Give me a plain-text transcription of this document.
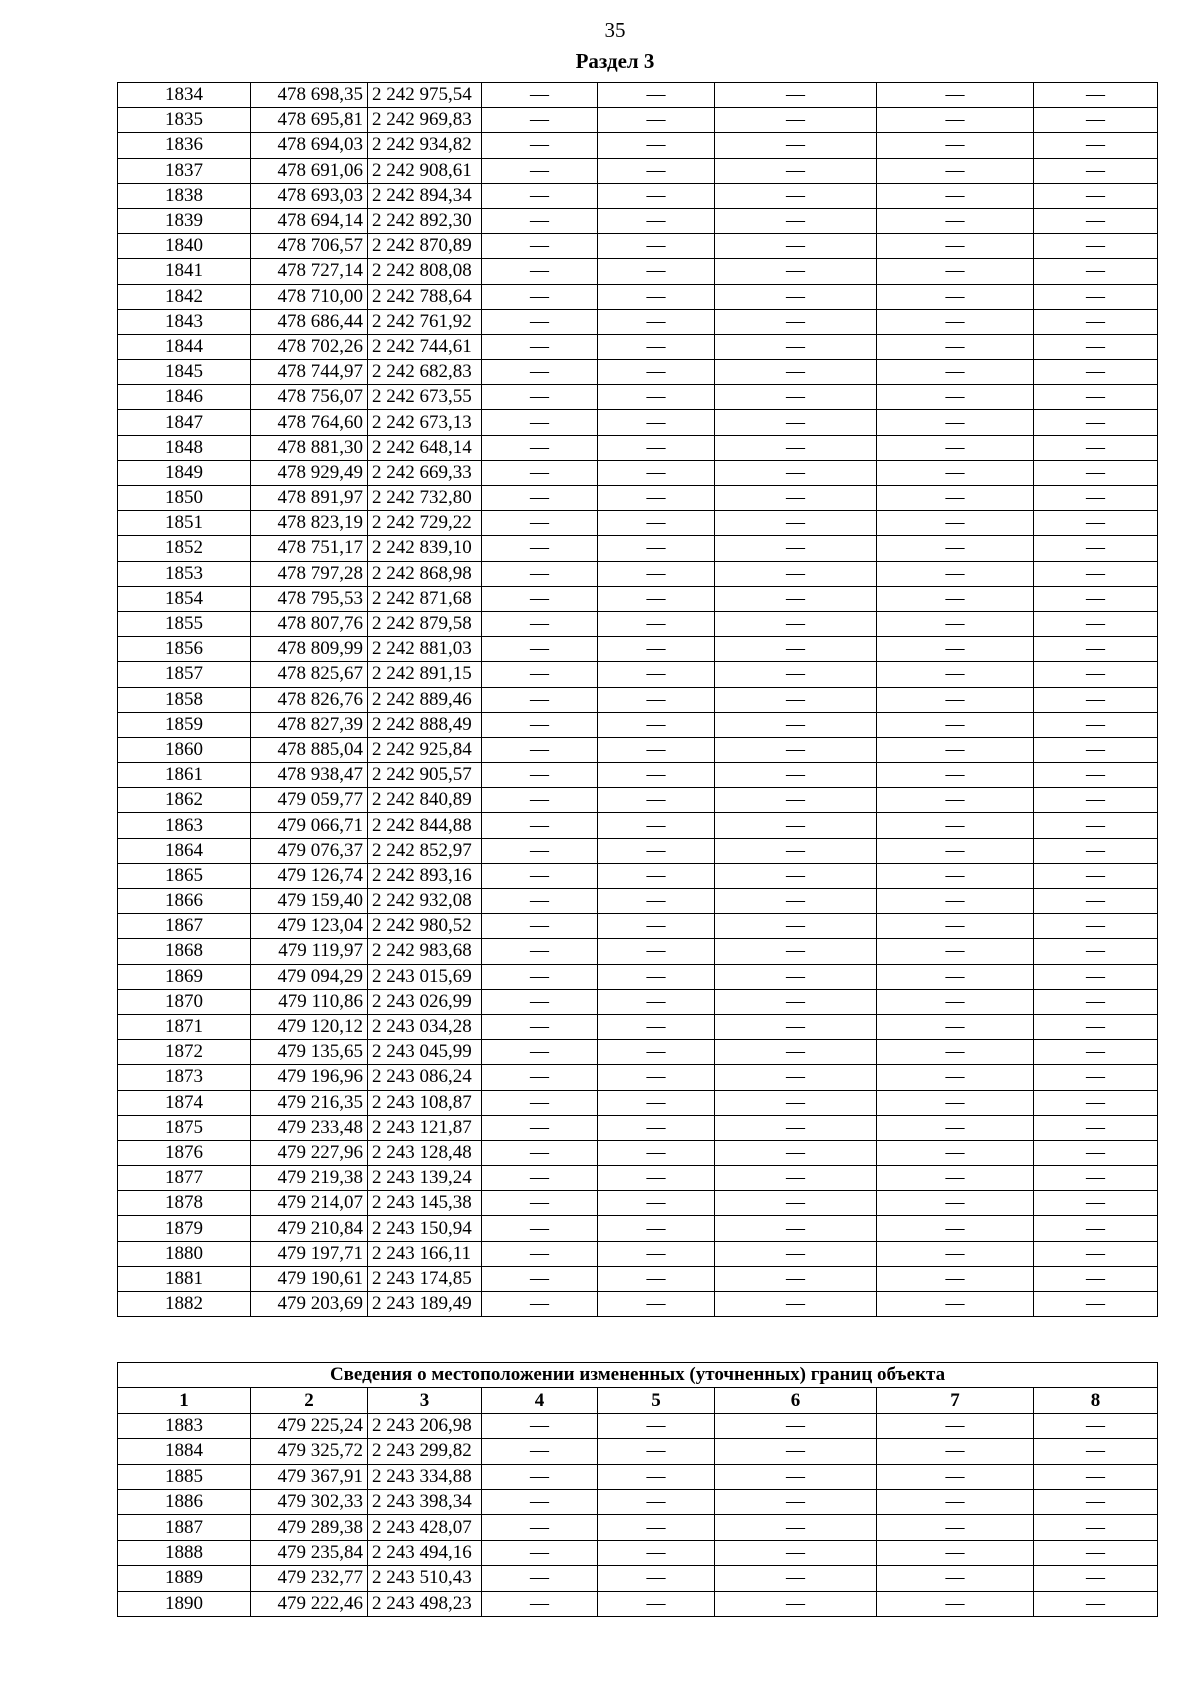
35
Раздел 3
1834	478 698,35	2 242 975,54	—	—	—	—	—
1835	478 695,81	2 242 969,83	—	—	—	—	—
1836	478 694,03	2 242 934,82	—	—	—	—	—
1837	478 691,06	2 242 908,61	—	—	—	—	—
1838	478 693,03	2 242 894,34	—	—	—	—	—
1839	478 694,14	2 242 892,30	—	—	—	—	—
1840	478 706,57	2 242 870,89	—	—	—	—	—
1841	478 727,14	2 242 808,08	—	—	—	—	—
1842	478 710,00	2 242 788,64	—	—	—	—	—
1843	478 686,44	2 242 761,92	—	—	—	—	—
1844	478 702,26	2 242 744,61	—	—	—	—	—
1845	478 744,97	2 242 682,83	—	—	—	—	—
1846	478 756,07	2 242 673,55	—	—	—	—	—
1847	478 764,60	2 242 673,13	—	—	—	—	—
1848	478 881,30	2 242 648,14	—	—	—	—	—
1849	478 929,49	2 242 669,33	—	—	—	—	—
1850	478 891,97	2 242 732,80	—	—	—	—	—
1851	478 823,19	2 242 729,22	—	—	—	—	—
1852	478 751,17	2 242 839,10	—	—	—	—	—
1853	478 797,28	2 242 868,98	—	—	—	—	—
1854	478 795,53	2 242 871,68	—	—	—	—	—
1855	478 807,76	2 242 879,58	—	—	—	—	—
1856	478 809,99	2 242 881,03	—	—	—	—	—
1857	478 825,67	2 242 891,15	—	—	—	—	—
1858	478 826,76	2 242 889,46	—	—	—	—	—
1859	478 827,39	2 242 888,49	—	—	—	—	—
1860	478 885,04	2 242 925,84	—	—	—	—	—
1861	478 938,47	2 242 905,57	—	—	—	—	—
1862	479 059,77	2 242 840,89	—	—	—	—	—
1863	479 066,71	2 242 844,88	—	—	—	—	—
1864	479 076,37	2 242 852,97	—	—	—	—	—
1865	479 126,74	2 242 893,16	—	—	—	—	—
1866	479 159,40	2 242 932,08	—	—	—	—	—
1867	479 123,04	2 242 980,52	—	—	—	—	—
1868	479 119,97	2 242 983,68	—	—	—	—	—
1869	479 094,29	2 243 015,69	—	—	—	—	—
1870	479 110,86	2 243 026,99	—	—	—	—	—
1871	479 120,12	2 243 034,28	—	—	—	—	—
1872	479 135,65	2 243 045,99	—	—	—	—	—
1873	479 196,96	2 243 086,24	—	—	—	—	—
1874	479 216,35	2 243 108,87	—	—	—	—	—
1875	479 233,48	2 243 121,87	—	—	—	—	—
1876	479 227,96	2 243 128,48	—	—	—	—	—
1877	479 219,38	2 243 139,24	—	—	—	—	—
1878	479 214,07	2 243 145,38	—	—	—	—	—
1879	479 210,84	2 243 150,94	—	—	—	—	—
1880	479 197,71	2 243 166,11	—	—	—	—	—
1881	479 190,61	2 243 174,85	—	—	—	—	—
1882	479 203,69	2 243 189,49	—	—	—	—	—
Сведения о местоположении измененных (уточненных) границ объекта							
1	2	3	4	5	6	7	8
1883	479 225,24	2 243 206,98	—	—	—	—	—
1884	479 325,72	2 243 299,82	—	—	—	—	—
1885	479 367,91	2 243 334,88	—	—	—	—	—
1886	479 302,33	2 243 398,34	—	—	—	—	—
1887	479 289,38	2 243 428,07	—	—	—	—	—
1888	479 235,84	2 243 494,16	—	—	—	—	—
1889	479 232,77	2 243 510,43	—	—	—	—	—
1890	479 222,46	2 243 498,23	—	—	—	—	—
